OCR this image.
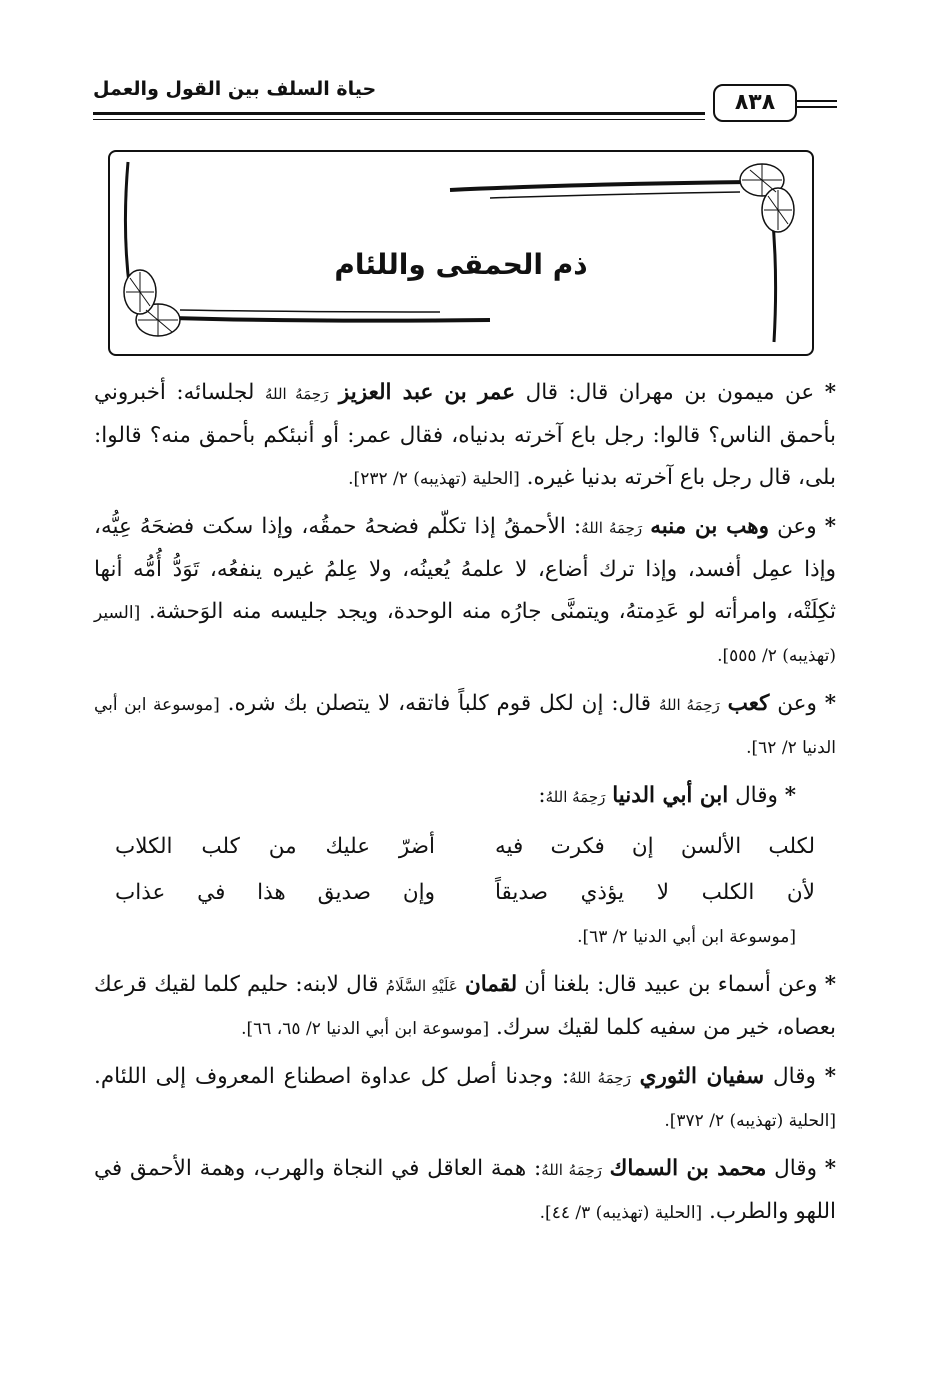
حياة السلف بين القول والعمل
٨٣٨
ذم الحمقى واللئام

* عن ميمون بن مهران قال: قال عمر بن عبد العزيز رَحِمَهُ اللهُ لجلسائه: أخبروني بأحمق الناس؟ قالوا: رجل باع آخرته بدنياه، فقال عمر: أو أنبئكم بأحمق منه؟ قالوا: بلى، قال رجل باع آخرته بدنيا غيره. [الحلية (تهذيبه) ٢/ ٢٣٢].

* وعن وهب بن منبه رَحِمَهُ اللهُ: الأحمقُ إذا تكلّم فضحهُ حمقُه، وإذا سكت فضحَهُ عِيُّه، وإذا عمِل أفسد، وإذا ترك أضاع، لا علمهُ يُعينُه، ولا عِلمُ غيره ينفعُه، تَوَدُّ أُمُّه أنها ثكِلَتْه، وامرأته لو عَدِمتهُ، ويتمنَّى جارُه منه الوحدة، ويجد جليسه منه الوَحشة. [السير (تهذيبه) ٢/ ٥٥٥].

* وعن كعب رَحِمَهُ اللهُ قال: إن لكل قوم كلباً فاتقه، لا يتصلن بك شره. [موسوعة ابن أبي الدنيا ٢/ ٦٢].

* وقال ابن أبي الدنيا رَحِمَهُ اللهُ:

لكلب الألسن إن فكرت فيه
أضرّ عليك من كلب الكلاب
لأن الكلب لا يؤذي صديقاً
وإن صديق هذا في عذاب
[موسوعة ابن أبي الدنيا ٢/ ٦٣].

* وعن أسماء بن عبيد قال: بلغنا أن لقمان عَلَيْهِ السَّلَامُ قال لابنه: حليم كلما لقيك قرعك بعصاه، خير من سفيه كلما لقيك سرك. [موسوعة ابن أبي الدنيا ٢/ ٦٥، ٦٦].

* وقال سفيان الثوري رَحِمَهُ اللهُ: وجدنا أصل كل عداوة اصطناع المعروف إلى اللئام. [الحلية (تهذيبه) ٢/ ٣٧٢].

* وقال محمد بن السماك رَحِمَهُ اللهُ: همة العاقل في النجاة والهرب، وهمة الأحمق في اللهو والطرب. [الحلية (تهذيبه) ٣/ ٤٤].
